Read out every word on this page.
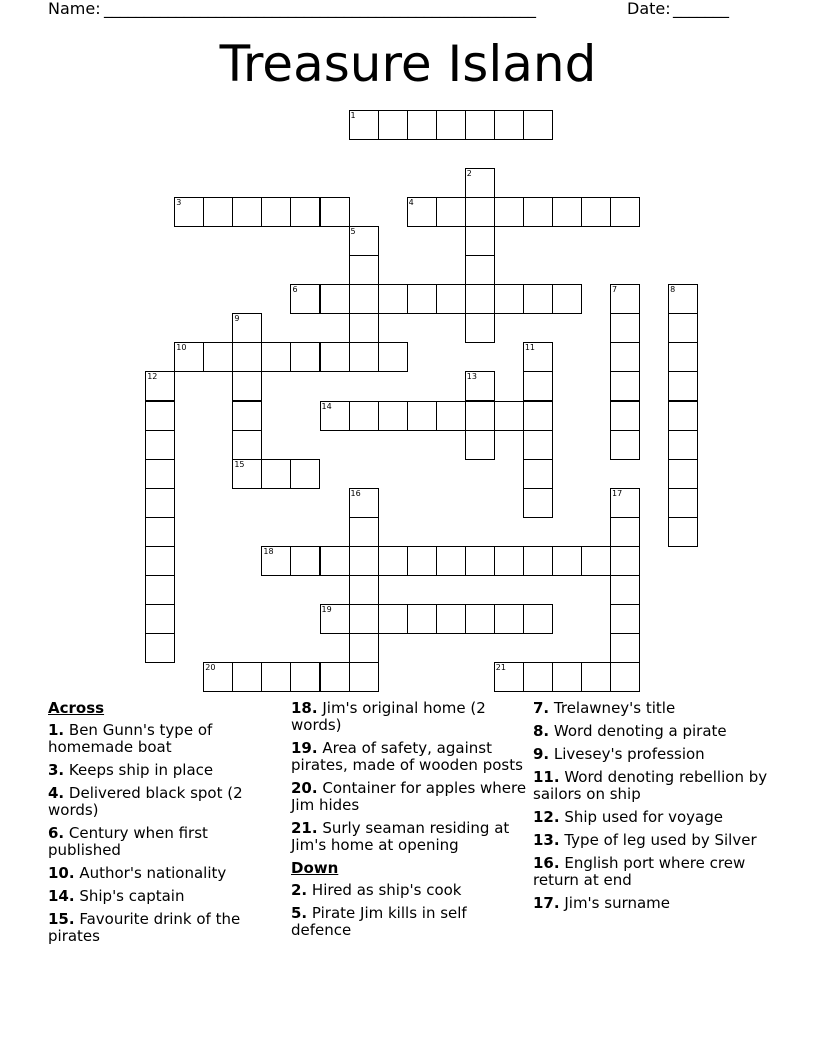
Name: ______________________________________________________	Date: _______
Treasure Island
1
2
3	4
5
6	7	8
9
10	11
12	13
14
15
16	17
18
19
20	21
Across
1. Ben Gunn's type of homemade boat
3. Keeps ship in place
4. Delivered black spot (2 words)
6. Century when first published
10. Author's nationality
14. Ship's captain
15. Favourite drink of the pirates
18. Jim's original home (2 words)
19. Area of safety, against pirates, made of wooden posts
20. Container for apples where Jim hides
21. Surly seaman residing at Jim's home at opening
Down
2. Hired as ship's cook
5. Pirate Jim kills in self defence
7. Trelawney's title
8. Word denoting a pirate
9. Livesey's profession
11. Word denoting rebellion by sailors on ship
12. Ship used for voyage
13. Type of leg used by Silver
16. English port where crew return at end
17. Jim's surname
